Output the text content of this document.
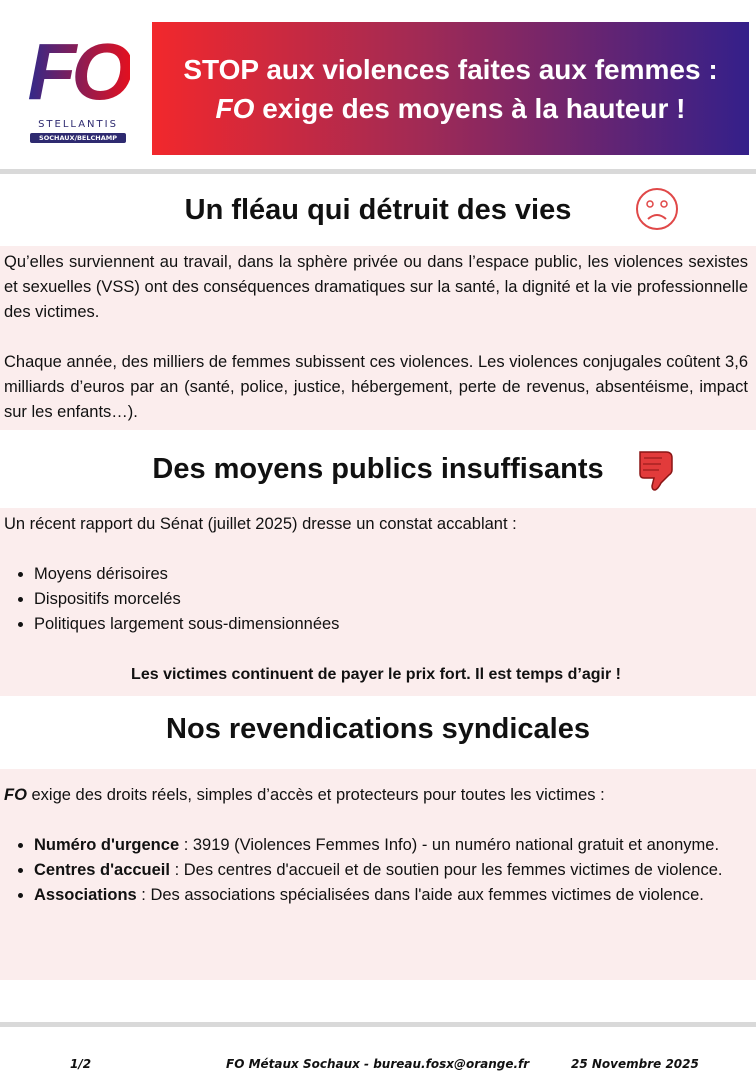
FO
STELLANTIS
SOCHAUX/BELCHAMP
STOP aux violences faites aux femmes :
FO exige des moyens à la hauteur !
Un fléau qui détruit des vies

Qu’elles surviennent au travail, dans la sphère privée ou dans l’espace public, les violences sexistes et sexuelles (VSS) ont des conséquences dramatiques sur la santé, la dignité et la vie professionnelle des victimes.

Chaque année, des milliers de femmes subissent ces violences. Les violences conjugales coûtent 3,6 milliards d’euros par an (santé, police, justice, hébergement, perte de revenus, absentéisme, impact sur les enfants…).

Des moyens publics insuffisants

Un récent rapport du Sénat (juillet 2025) dresse un constat accablant :

• Moyens dérisoires
• Dispositifs morcelés
• Politiques largement sous-dimensionnées

Les victimes continuent de payer le prix fort. Il est temps d’agir !

Nos revendications syndicales

FO exige des droits réels, simples d’accès et protecteurs pour toutes les victimes :

• Numéro d'urgence : 3919 (Violences Femmes Info) - un numéro national gratuit et anonyme.
• Centres d'accueil : Des centres d'accueil et de soutien pour les femmes victimes de violence.
• Associations : Des associations spécialisées dans l'aide aux femmes victimes de violence.
1/2	FO Métaux Sochaux - bureau.fosx@orange.fr	25 Novembre 2025
